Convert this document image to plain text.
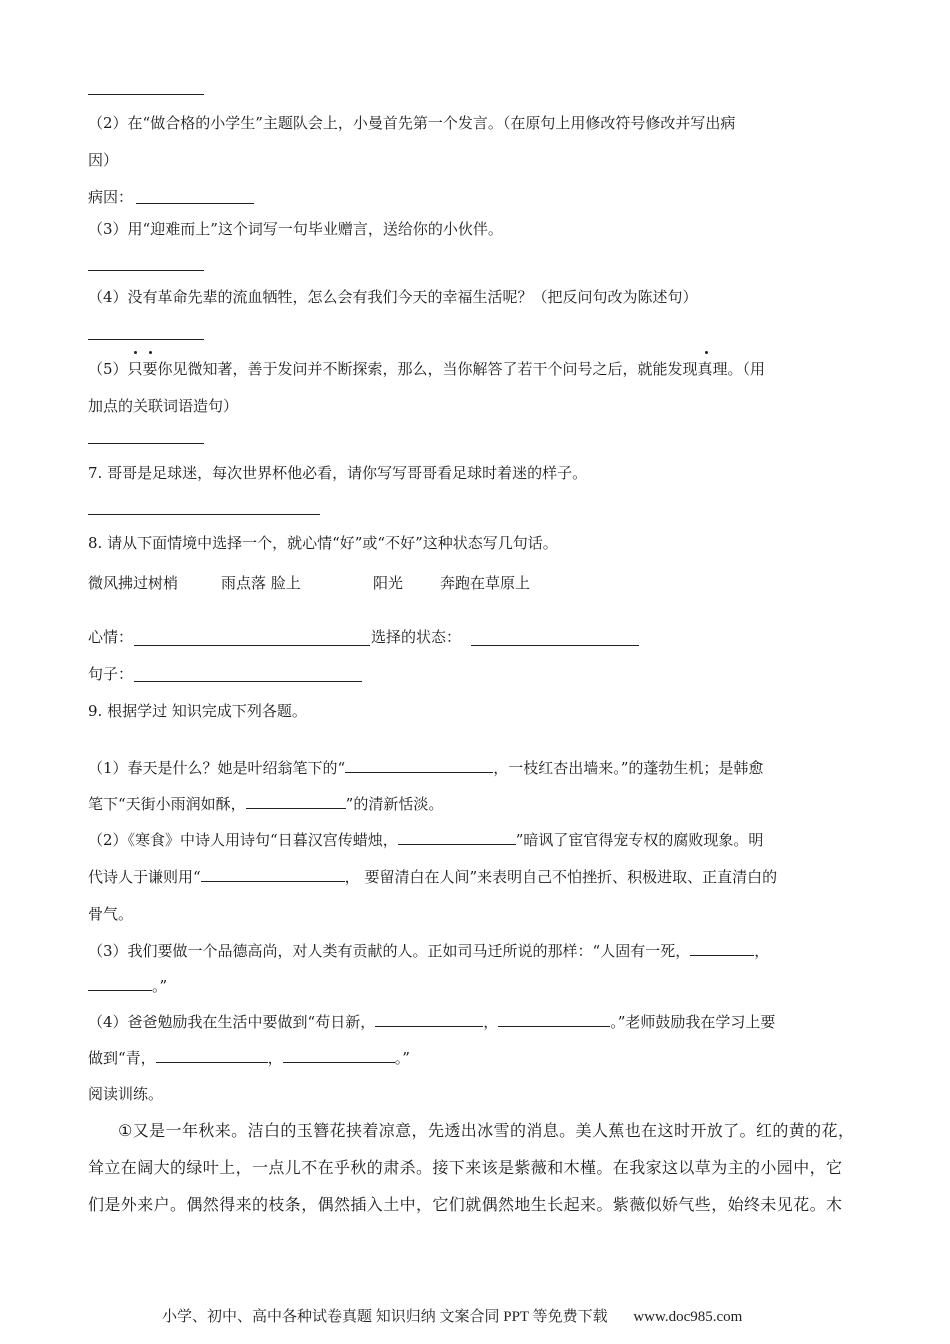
（2）在“做合格的小学生”主题队会上，小曼首先第一个发言。（在原句上用修改符号修改并写出病
因）
病因：
（3）用“迎难而上”这个词写一句毕业赠言，送给你的小伙伴。
（4）没有革命先辈的流血牺牲，怎么会有我们今天的幸福生活呢？（把反问句改为陈述句）
（5）只要你见微知著，善于发问并不断探索，那么，当你解答了若干个问号之后，就能发现真理。（用
加点的关联词语造句）
7. 哥哥是足球迷，每次世界杯他必看，请你写写哥哥看足球时着迷的样子。
8. 请从下面情境中选择一个，就心情“好”或“不好”这种状态写几句话。
微风拂过树梢	雨点落 脸上	阳光 奔跑在草原上
心情：	选择的状态：
句子：
9. 根据学过 知识完成下列各题。
（1）春天是什么？她是叶绍翁笔下的“	，一枝红杏出墙来。”的蓬勃生机；是韩愈
笔下“天街小雨润如酥，	”的清新恬淡。
（2）《寒食》中诗人用诗句“日暮汉宫传蜡烛，	”暗讽了宦官得宠专权的腐败现象。明
代诗人于谦则用“	， 要留清白在人间”来表明自己不怕挫折、积极进取、正直清白的
骨气。
（3）我们要做一个品德高尚，对人类有贡献的人。正如司马迁所说的那样：“人固有一死，	，
。”
（4）爸爸勉励我在生活中要做到“苟日新，	，	。”老师鼓励我在学习上要
做到“青，	，	。”
阅读训练。
①又是一年秋来。洁白的玉簪花挟着凉意，先透出冰雪的消息。美人蕉也在这时开放了。红的黄的花，
耸立在阔大的绿叶上，一点儿不在乎秋的肃杀。接下来该是紫薇和木槿。在我家这以草为主的小园中，它
们是外来户。偶然得来的枝条，偶然插入土中，它们就偶然地生长起来。紫薇似娇气些，始终未见花。木
小学、初中、高中各种试卷真题 知识归纳 文案合同 PPT 等免费下载 www.doc985.com
